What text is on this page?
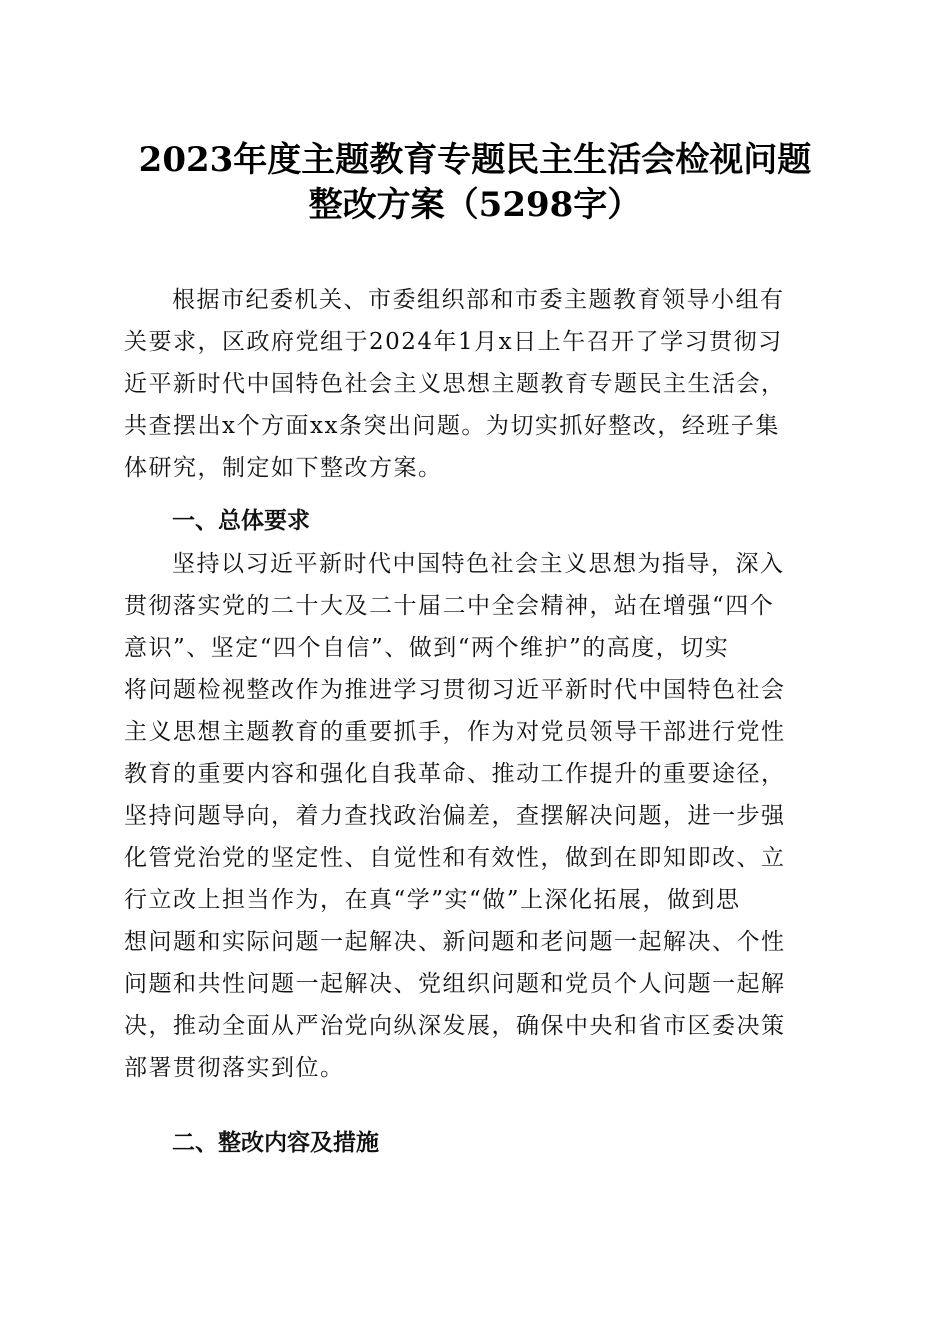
2023年度主题教育专题民主生活会检视问题
整改方案（5298字）
根据市纪委机关、市委组织部和市委主题教育领导小组有
关要求，区政府党组于2024年1月x日上午召开了学习贯彻习
近平新时代中国特色社会主义思想主题教育专题民主生活会，
共查摆出x个方面xx条突出问题。为切实抓好整改，经班子集
体研究，制定如下整改方案。
一、总体要求
坚持以习近平新时代中国特色社会主义思想为指导，深入
贯彻落实党的二十大及二十届二中全会精神，站在增强“四个
意识”、坚定“四个自信”、做到“两个维护”的高度，切实
将问题检视整改作为推进学习贯彻习近平新时代中国特色社会
主义思想主题教育的重要抓手，作为对党员领导干部进行党性
教育的重要内容和强化自我革命、推动工作提升的重要途径，
坚持问题导向，着力查找政治偏差，查摆解决问题，进一步强
化管党治党的坚定性、自觉性和有效性，做到在即知即改、立
行立改上担当作为，在真“学”实“做”上深化拓展，做到思
想问题和实际问题一起解决、新问题和老问题一起解决、个性
问题和共性问题一起解决、党组织问题和党员个人问题一起解
决，推动全面从严治党向纵深发展，确保中央和省市区委决策
部署贯彻落实到位。
二、整改内容及措施
